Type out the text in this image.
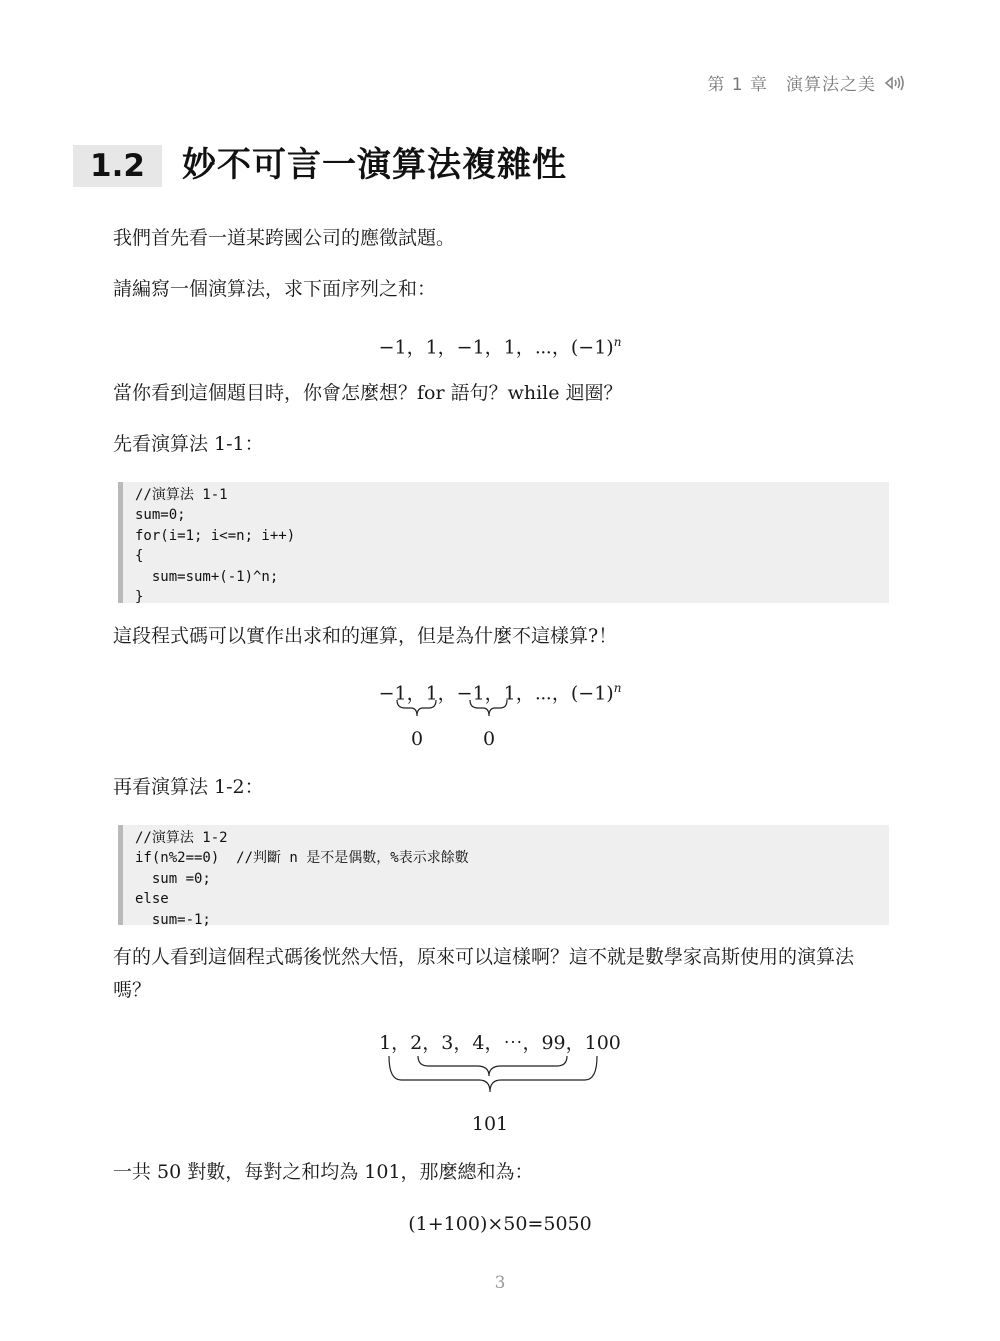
第 1 章 演算法之美
1.2	妙不可言一演算法複雜性
我們首先看一道某跨國公司的應徵試題。
請編寫一個演算法，求下面序列之和：
−1，1，−1，1，⋯，$(-1)^n$
當你看到這個題目時，你會怎麼想？for 語句？while 迴圈？
先看演算法 1-1：
//演算法 1-1
sum=0;
for(i=1; i<=n; i++)
{
sum=sum+(-1)^n;
}
這段程式碼可以實作出求和的運算，但是為什麼不這樣算?！
−1，1，−1，1，⋯，$(-1)^n$
0	0
再看演算法 1-2：
//演算法 1-2
if(n%2==0)  //判斷 n 是不是偶數，%表示求餘數
sum =0;
else
sum=-1;
有的人看到這個程式碼後恍然大悟，原來可以這樣啊？這不就是數學家高斯使用的演算法嗎？
1，2，3，4，⋯，99，100
101
一共 50 對數，每對之和均為 101，那麼總和為：
(1+100)×50=5050
3
